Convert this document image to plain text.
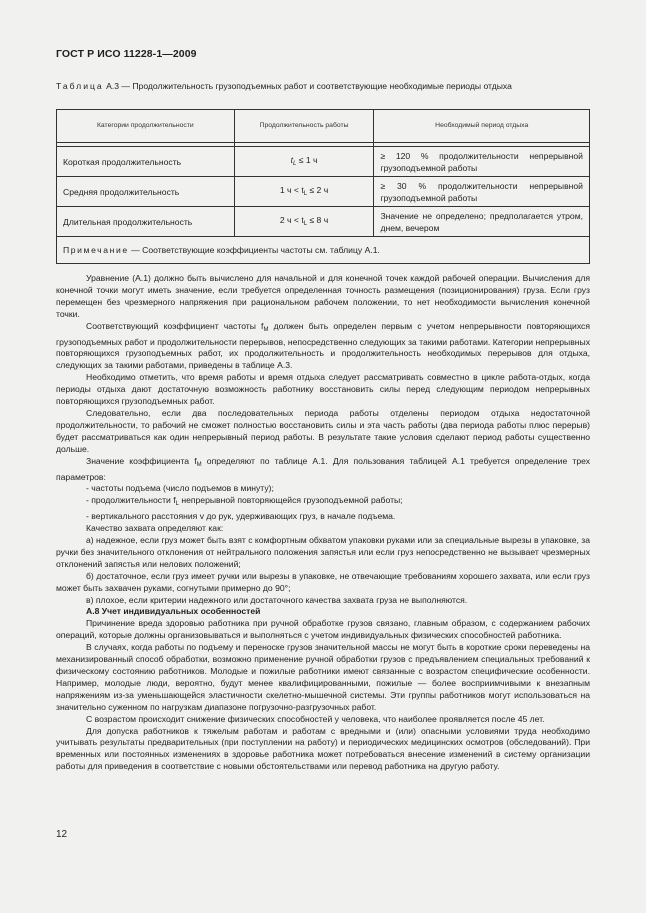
ГОСТ Р ИСО 11228-1—2009
Таблица А.3 — Продолжительность грузоподъемных работ и соответствующие необходимые периоды отдыха
Категории продолжительности	Продолжительность работы	Необходимый период отдыха

Короткая продолжительность	$t_L \le 1$ ч	≥ 120 % продолжительности непрерывной грузоподъемной работы
Средняя продолжительность	1 $ч < t_L \le 2$ ч	≥ 30 % продолжительности непрерывной грузоподъемной работы
Длительная продолжительность	2 $ч < t_L \le 8$ ч	Значение не определено; предполагается утром, днем, вечером
Примечание — Соответствующие коэффициенты частоты см. таблицу А.1.		

Уравнение (А.1) должно быть вычислено для начальной и для конечной точек каждой рабочей операции. Вычисления для конечной точки могут иметь значение, если требуется определенная точность размещения (позиционирования) груза. Если груз перемещен без чрезмерного напряжения при рациональном рабочем положении, то нет необходимости вычисления конечной точки.

Соответствующий коэффициент частоты $f_M$ должен быть определен первым с учетом непрерывности повторяющихся грузоподъемных работ и продолжительности перерывов, непосредственно следующих за такими работами. Категории непрерывных повторяющихся грузоподъемных работ, их продолжительность и продолжительность необходимых перерывов для отдыха, следующих за такими работами, приведены в таблице А.3.

Необходимо отметить, что время работы и время отдыха следует рассматривать совместно в цикле работа-отдых, когда периоды отдыха дают достаточную возможность работнику восстановить силы перед следующим периодом непрерывных повторяющихся грузоподъемных работ.

Следовательно, если два последовательных периода работы отделены периодом отдыха недостаточной продолжительности, то рабочий не сможет полностью восстановить силы и эта часть работы (два периода работы плюс перерыв) будет рассматриваться как один непрерывный период работы. В результате такие условия сделают период работы существенно дольше.

Значение коэффициента $f_M$ определяют по таблице А.1. Для пользования таблицей А.1 требуется определение трех параметров:

- частоты подъема (число подъемов в минуту);

- продолжительности $f_L$ непрерывной повторяющейся грузоподъемной работы;

- вертикального расстояния v до рук, удерживающих груз, в начале подъема.

Качество захвата определяют как:

а) надежное, если груз может быть взят с комфортным обхватом упаковки руками или за специальные вырезы в упаковке, за ручки без значительного отклонения от нейтрального положения запястья или если груз непосредственно не вызывает чрезмерных отклонений запястья или нелових положений;

б) достаточное, если груз имеет ручки или вырезы в упаковке, не отвечающие требованиям хорошего захвата, или если груз может быть захвачен руками, согнутыми примерно до 90°;

в) плохое, если критерии надежного или достаточного качества захвата груза не выполняются.

А.8 Учет индивидуальных особенностей

Причинение вреда здоровью работника при ручной обработке грузов связано, главным образом, с содержанием рабочих операций, которые должны организовываться и выполняться с учетом индивидуальных физических способностей работника.

В случаях, когда работы по подъему и переноске грузов значительной массы не могут быть в короткие сроки переведены на механизированный способ обработки, возможно применение ручной обработки грузов с предъявлением специальных требований к физическому состоянию работников. Молодые и пожилые работники имеют связанные с возрастом специфические особенности. Например, молодые люди, вероятно, будут менее квалифицированными, пожилые — более восприимчивыми к внезапным напряжениям из-за уменьшающейся эластичности скелетно-мышечной системы. Эти группы работников могут использоваться на значительно суженном по нагрузкам диапазоне погрузочно-разгрузочных работ.

С возрастом происходит снижение физических способностей у человека, что наиболее проявляется после 45 лет.

Для допуска работников к тяжелым работам и работам с вредными и (или) опасными условиями труда необходимо учитывать результаты предварительных (при поступлении на работу) и периодических медицинских осмотров (обследований). При временных или постоянных изменениях в здоровье работника может потребоваться внесение изменений в систему организации работы для приведения в соответствие с новыми обстоятельствами или перевод работника на другую работу.

12
